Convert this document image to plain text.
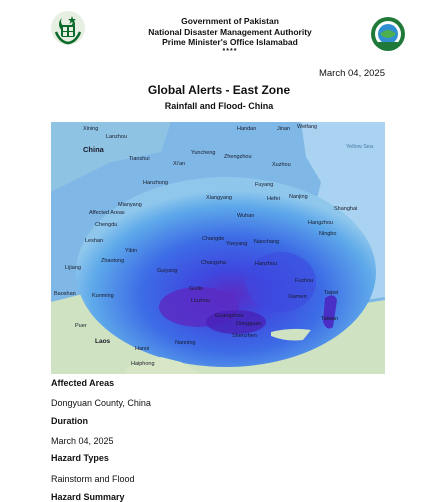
Government of Pakistan
National Disaster Management Authority
Prime Minister's Office Islamabad
****
March 04, 2025
Global Alerts - East Zone
Rainfall and Flood- China
Xining
Lanzhou
China
Tianshui
Xi'an
Yuncheng
Handan	Jinan Weifang
Zhengzhou
Xuzhou
Yellow Sea
Hanzhong	Fuyang
Mianyang
Xiangyang	Hefei Nanjing
Affected Areas
Chengdu
Wuhan
Hangzhou
Shanghai
Leshan
Yibin
Yueyang
Changde
Changsha
Nanchang
Ningbo
Lijiang
Zhaotong
Guiyang
Kunming
Fuzhou
Taipei
Guilin
Hanzhou
Liuzhou
Xiamen
Taiwan
Baoshan
Puer
Laos	Nanning
Guangzhou
Dongguan
Shenzhen
Hanoi
Haiphong
Affected Areas
Dongyuan County, China
Duration
March 04, 2025
Hazard Types
Rainstorm and Flood
Hazard Summary
